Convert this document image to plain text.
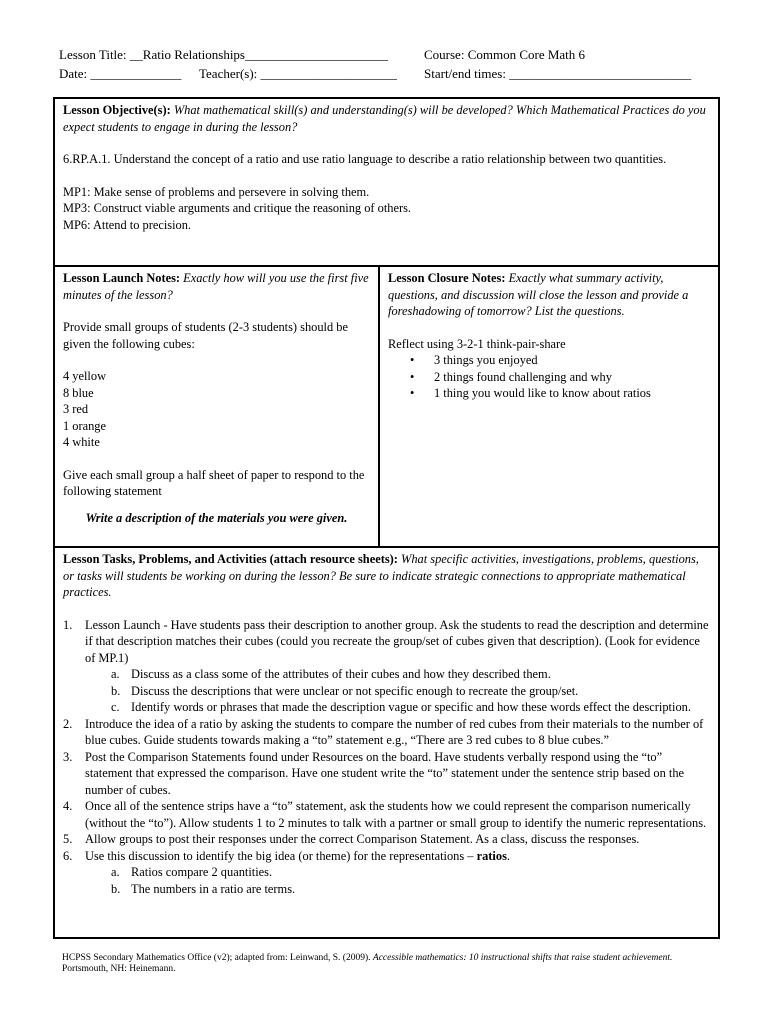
Lesson Title: __Ratio Relationships______________________	Course: Common Core Math 6
Date: ______________ Teacher(s): _____________________ Start/end times: ____________________________

Lesson Objective(s): What mathematical skill(s) and understanding(s) will be developed? Which Mathematical Practices do you expect students to engage in during the lesson?

6.RP.A.1. Understand the concept of a ratio and use ratio language to describe a ratio relationship between two quantities.

MP1: Make sense of problems and persevere in solving them.

MP3: Construct viable arguments and critique the reasoning of others.

MP6: Attend to precision.

Lesson Launch Notes: Exactly how will you use the first five minutes of the lesson?

Provide small groups of students (2-3 students) should be given the following cubes:

4 yellow

8 blue

3 red

1 orange

4 white

Give each small group a half sheet of paper to respond to the following statement

Write a description of the materials you were given.

Lesson Closure Notes: Exactly what summary activity, questions, and discussion will close the lesson and provide a foreshadowing of tomorrow? List the questions.

Reflect using 3-2-1 think-pair-share

• 3 things you enjoyed
• 2 things found challenging and why
• 1 thing you would like to know about ratios

Lesson Tasks, Problems, and Activities (attach resource sheets): What specific activities, investigations, problems, questions, or tasks will students be working on during the lesson? Be sure to indicate strategic connections to appropriate mathematical practices.

1. Lesson Launch - Have students pass their description to another group. Ask the students to read the description and determine if that description matches their cubes (could you recreate the group/set of cubes given that description). (Look for evidence of MP.1)
a. Discuss as a class some of the attributes of their cubes and how they described them.
b. Discuss the descriptions that were unclear or not specific enough to recreate the group/set.
c. Identify words or phrases that made the description vague or specific and how these words effect the description.
2. Introduce the idea of a ratio by asking the students to compare the number of red cubes from their materials to the number of blue cubes. Guide students towards making a “to” statement e.g., “There are 3 red cubes to 8 blue cubes.”
3. Post the Comparison Statements found under Resources on the board. Have students verbally respond using the “to” statement that expressed the comparison. Have one student write the “to” statement under the sentence strip based on the number of cubes.
4. Once all of the sentence strips have a “to” statement, ask the students how we could represent the comparison numerically (without the “to”). Allow students 1 to 2 minutes to talk with a partner or small group to identify the numeric representations.
5. Allow groups to post their responses under the correct Comparison Statement. As a class, discuss the responses.
6. Use this discussion to identify the big idea (or theme) for the representations – ratios.
a. Ratios compare 2 quantities.
b. The numbers in a ratio are terms.
HCPSS Secondary Mathematics Office (v2); adapted from: Leinwand, S. (2009). Accessible mathematics: 10 instructional shifts that raise student achievement. Portsmouth, NH: Heinemann.
